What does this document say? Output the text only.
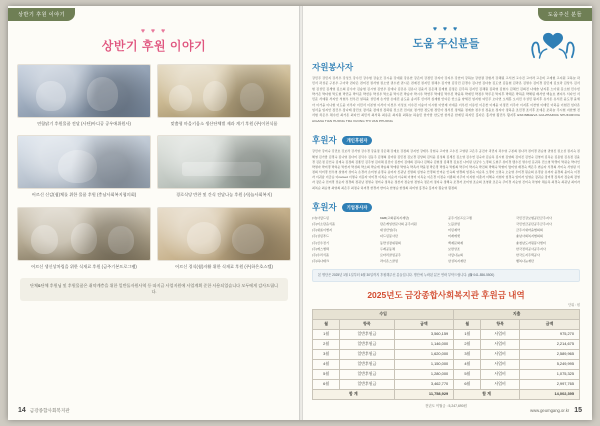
상반기 후원 이야기
♥ ♥ ♥
상반기 후원 이야기
연합닭기 후원물품 전달 (사단)아디공 공우애위원사)	맞춤형 마을키움소 생산단체별 제과 계기 후원 (주)이천식품
어르신 신감(쉼)체를 위한 물품 후원 (충남사회복지협의회)	경로식당 반찬 및 간식 전달나눔 후원 (사)늘사회복지)
어르신 생신상차림을 위한 식재료 후원 (금주기본프로그램)	어르신 경식(쉼)자활 위한 식재료 후원 (주)하은호스텔)
단체&단체 후원님 및 후원물품은 취약계층을 위한 일반돌자원사역 등 따지급 사업지원에 사업계획 준한 사용되었습니다 모두에게 감사드립니다.
14 금강종합사회복지관
도움주신 분들
♥ ♥ ♥
도움 주신분들
자원봉사자
강민주 강민지 강서우 강성모 강수민 강수현 강승모 강시윤 강예린 강유찬 강은비 강정민 강지아 강지우 강찬미 강하늘 강한결 강현서 강혜린 고서연 고수진 고아라 고은비 고재현 고지원 고하늘 곽민서 곽성준 구본우 구아라 권다은 권미진 권서영 권소연 권수빈 권시은 권예진 권지민 권혜수 김가영 김강민 김경수 김나연 김다슬 김도연 김동현 김라온 김명수 김미경 김민재 김보라 김상우 김서현 김성민 김세영 김소희 김수아 김승현 김시영 김연우 김예나 김온유 김유나 김윤서 김은채 김재현 김정은 김주하 김지민 김채원 김하영 김현수 김혜인 김희진 나예슬 남지훈 노아린 문소현 민수빈 박가은 박다현 박도현 박민규 박서준 박선유 박성우 박소윤 박수민 박승아 박시우 박연주 박예림 박우진 박윤하 박재민 박정우 박주은 박지후 박채은 박하준 박해린 배서연 백승호 변지우 서다인 서민준 서예원 서지안 석현우 선우진 설하윤 성민재 손가람 손예진 송도윤 송지후 신아라 심재현 안다은 안소율 양세진 엄지현 여민주 오다연 오세훈 오지민 우성민 원지후 유가온 유서진 윤도경 윤세아 이가을 이나현 이도윤 이루다 이민서 이본영 이서아 이선우 이성호 이수진 이승아 이시현 이연재 이예준 이우빈 이유빈 이은찬 이재윤 이정민 이주아 이지훈 이찬영 이태민 이하음 이현진 임다온 임서율 임지안 장건우 장나래 장민호 장서윤 장예성 장하린 전소민 전지효 정가람 정도현 정민아 정서진 정세윤 정예슬 정우성 정윤호 정지아 정하준 조민경 조서후 조예은 조하늘 주시현 지한별 진서현 차은우 채수빈 최가온 최다인 최민석 최서하 최유준 최지원 최하늘 하승민 한가람 한도연 한서준 한예림 허지민 홍다은 홍서영 황민우 황지후 ESKINBAEVA GULZHAZIRA SHUKUROVA AIGANA TIAN HUONG TRA VUONG THI VAN PHUONG
후원자	개인후원자
강민아 강미숙 강민호 강보라 강서영 강수경 강윤정 강은혜 강재호 강정희 강지연 강태우 강현숙 고미영 고수진 고영란 고은주 공진아 곽민지 곽수영 구본희 권나라 권미경 권순영 권영진 권오성 권지숙 권해영 김가람 김경숙 김나영 김다미 김덕수 김동주 김명희 김미란 김민정 김보경 김상희 김서윤 김성희 김세진 김소영 김수연 김숙자 김순옥 김시현 김양희 김여진 김연숙 김영미 김옥순 김용범 김유정 김윤경 김은정 김인숙 김재숙 김정희 김종민 김주영 김지혜 김진아 김찬미 김태희 김하나 김해숙 김현정 김혜경 김효진 나미란 남궁수 노경희 도현주 류미경 맹수진 명수빈 문귀옥 민소영 박경미 박귀순 박다인 박명자 박미경 박복순 박선자 박성희 박소희 박순애 박승희 박애란 박영숙 박옥자 박윤정 박은경 박정숙 박종희 박주미 박지숙 박진희 박해숙 박현미 방미영 배경숙 백은주 변순자 서경희 서미숙 서영란 서정희 석미경 선우영 설영자 성미숙 손경자 손미영 송경숙 송미자 신귀남 신명희 심영숙 안경희 안미순 안숙희 양경희 엄정숙 여순옥 오경자 오명숙 오순영 우미경 원순희 유경남 유미자 윤경희 윤미숙 이경자 이귀남 이금순 이named 이명숙 이문자 이미경 이복순 이순자 이숙희 이영미 이옥순 이은경 이정숙 이종희 이주미 이지현 이춘자 이해숙 이현자 임경숙 임미자 임영순 장귀순 장미경 장복자 장순희 장영자 장은숙 전미경 전순자 정경희 정귀남 정명숙 정미숙 정복순 정선자 정순영 정영숙 정은미 정지숙 정해숙 조경자 조미영 조순희 조영란 조은숙 주미경 지순영 진미숙 차영자 채순옥 최경숙 최귀남 최미자 최복순 최순영 최영희 최은주 최정숙 하미경 한경자 한미숙 한영순 한정희 허미영 홍경숙 홍미자 황순영 황정희
후원자	기업봉사자
(사)사랑드림	KEB(고화중복지재단)	공주기본프로그램	국민건강보험공단금주지사
(주)미소담음식품	담은케일한문사회 공주지원	노블클럽	국민연금공단공주금주지사
(주)새롬이엔지	대성산업(주)	미림제약	금주시새마을협의회
(주)성림푸드	더드림봉사단	미래에셋	충남사회복지협의회
(주)신우전기	동반성장위원회	백제문화제	충청남도자원봉사센터
(주)에스엠텍	두레공동체	보람상조	한국전력공사공주지사
(주)우리식품	로타리클럽공주	사랑나눔회	한국토지주택공사
(주)하나테크	라이온스클럽	삼성복지재단	행복나눔재단
본 명단은 2025년 1월 1일부터 6월 30일까지 후원해주신 분들입니다. 명단에 누락된 분은 연락 부탁드립니다. (☎ 041-856-5500)
2025년도 금강종합사회복지관 후원금 내역
단위 : 원
수입			지출		
월	항목	금액	월	항목	금액
1월	일반후원금	3,560,159	1월	사업비	975,270
2월	일반후원금	1,146,000	2월	사업비	2,214,675
3월	일반후원금	1,620,000	3월	사업비	2,589,965
4월	일반후원금	1,150,000	4월	사업비	5,249,995
5월	일반후원금	1,280,000	5월	사업비	1,075,325
6월	일반후원금	3,462,770	6월	사업비	2,997,765
합 계		11,758,929	합 계		14,002,395
전년도 이월금 : 5,247,690원
www.geumgang.or.kr 15
